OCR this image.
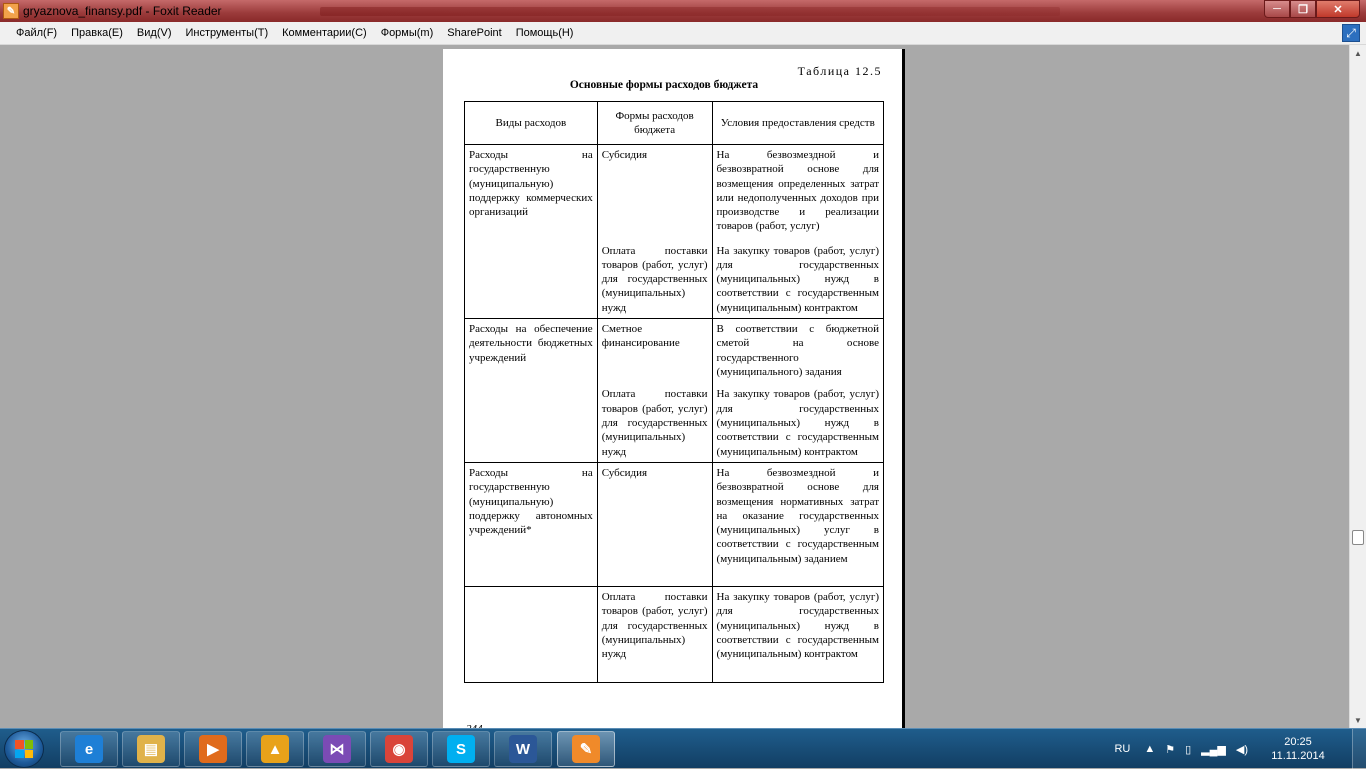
✎ gryaznova_finansy.pdf - Foxit Reader	─	❐	✕
Файл(F)	Правка(E)	Вид(V)	Инструменты(T)	Комментарии(C)	Формы(m)	SharePoint	Помощь(H)	⤢
Таблица 12.5
Основные формы расходов бюджета
Виды расходов	Формы расходов бюджета	Условия предоставления средств
Расходы на государственную (муниципальную) поддержку коммерческих организаций	Субсидия	На безвозмездной и безвозвратной основе для возмещения определенных затрат или недополученных доходов при производстве и реализации товаров (работ, услуг)
	Оплата поставки товаров (работ, услуг) для государственных (муниципальных) нужд	На закупку товаров (работ, услуг) для государственных (муниципальных) нужд в соответствии с государственным (муниципальным) контрактом
Расходы на обеспечение деятельности бюджетных учреждений	Сметное финансирование	В соответствии с бюджетной сметой на основе государственного (муниципального) задания
	Оплата поставки товаров (работ, услуг) для государственных (муниципальных) нужд	На закупку товаров (работ, услуг) для государственных (муниципальных) нужд в соответствии с государственным (муниципальным) контрактом
Расходы на государственную (муниципальную) поддержку автономных учреждений*	Субсидия	На безвозмездной и безвозвратной основе для возмещения нормативных затрат на оказание государственных (муниципальных) услуг в соответствии с государственным (муниципальным) заданием
	Оплата поставки товаров (работ, услуг) для государственных (муниципальных) нужд	На закупку товаров (работ, услуг) для государственных (муниципальных) нужд в соответствии с государственным (муниципальным) контрактом
▲
▼
e	▤	▶	▲	⋈	◉	S	W	✎	RU ▲ ⚑ ▯ ▂▄▆ ◀)
20:25
11.11.2014
